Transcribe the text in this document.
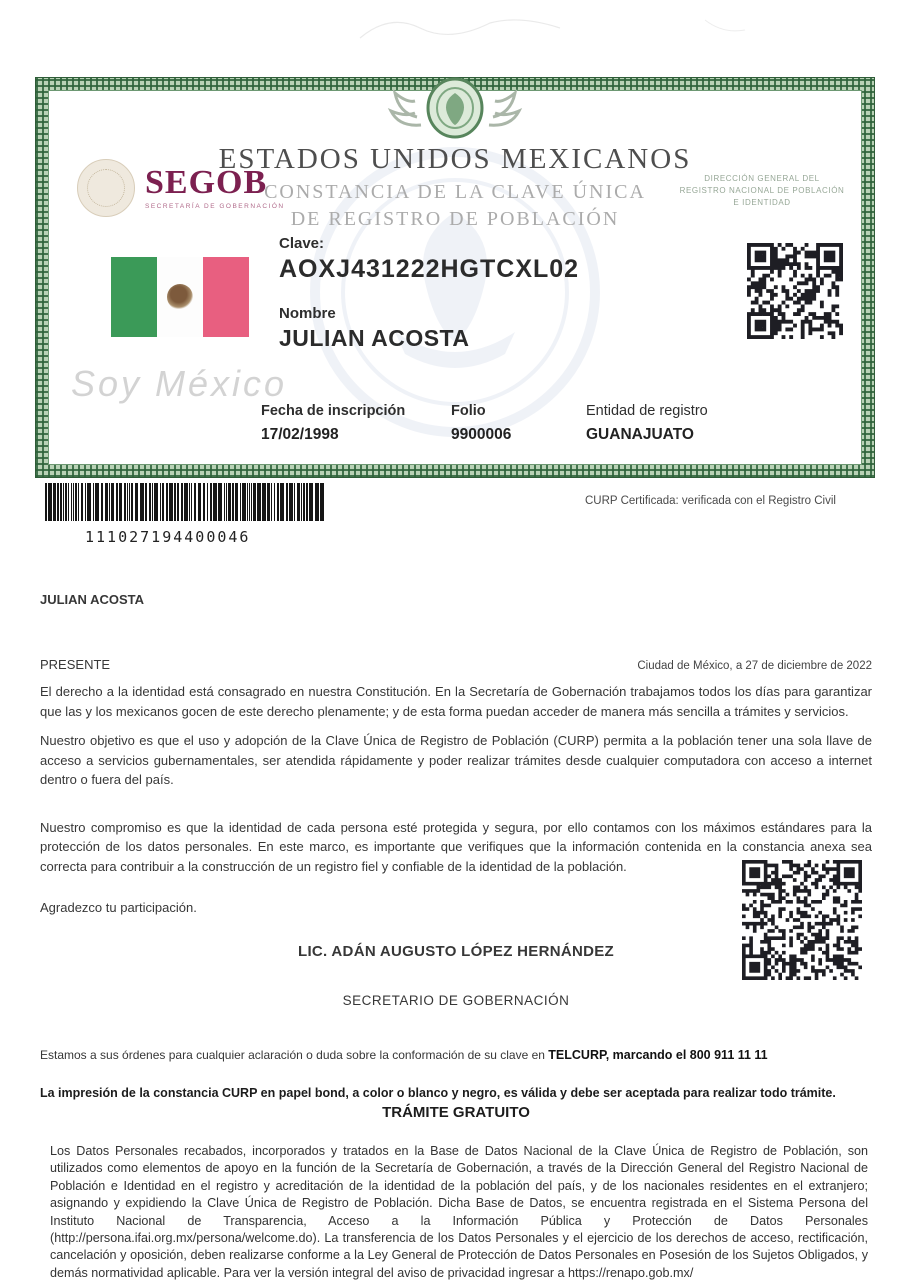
SEGOB
SECRETARÍA DE GOBERNACIÓN
ESTADOS UNIDOS MEXICANOS
CONSTANCIA DE LA CLAVE ÚNICA
DE REGISTRO DE POBLACIÓN
DIRECCIÓN GENERAL DEL
REGISTRO NACIONAL DE POBLACIÓN
E IDENTIDAD
Clave:
AOXJ431222HGTCXL02
Nombre
JULIAN ACOSTA
Soy México
Fecha de inscripción
17/02/1998
Folio
9900006
Entidad de registro
GUANAJUATO
111027194400046
CURP Certificada: verificada con el Registro Civil
JULIAN ACOSTA
PRESENTE	Ciudad de México, a 27 de diciembre de 2022
El derecho a la identidad está consagrado en nuestra Constitución. En la Secretaría de Gobernación trabajamos todos los días para garantizar que las y los mexicanos gocen de este derecho plenamente; y de esta forma puedan acceder de manera más sencilla a trámites y servicios.
Nuestro objetivo es que el uso y adopción de la Clave Única de Registro de Población (CURP) permita a la población tener una sola llave de acceso a servicios gubernamentales, ser atendida rápidamente y poder realizar trámites desde cualquier computadora con acceso a internet dentro o fuera del país.
Nuestro compromiso es que la identidad de cada persona esté protegida y segura, por ello contamos con los máximos estándares para la protección de los datos personales. En este marco, es importante que verifiques que la información contenida en la constancia anexa sea correcta para contribuir a la construcción de un registro fiel y confiable de la identidad de la población.
Agradezco tu participación.
LIC. ADÁN AUGUSTO LÓPEZ HERNÁNDEZ
SECRETARIO DE GOBERNACIÓN
Estamos a sus órdenes para cualquier aclaración o duda sobre la conformación de su clave en TELCURP, marcando el 800 911 11 11
La impresión de la constancia CURP en papel bond, a color o blanco y negro, es válida y debe ser aceptada para realizar todo trámite.
TRÁMITE GRATUITO
Los Datos Personales recabados, incorporados y tratados en la Base de Datos Nacional de la Clave Única de Registro de Población, son utilizados como elementos de apoyo en la función de la Secretaría de Gobernación, a través de la Dirección General del Registro Nacional de Población e Identidad en el registro y acreditación de la identidad de la población del país, y de los nacionales residentes en el extranjero; asignando y expidiendo la Clave Única de Registro de Población. Dicha Base de Datos, se encuentra registrada en el Sistema Persona del Instituto Nacional de Transparencia, Acceso a la Información Pública y Protección de Datos Personales (http://persona.ifai.org.mx/persona/welcome.do). La transferencia de los Datos Personales y el ejercicio de los derechos de acceso, rectificación, cancelación y oposición, deben realizarse conforme a la Ley General de Protección de Datos Personales en Posesión de los Sujetos Obligados, y demás normatividad aplicable. Para ver la versión integral del aviso de privacidad ingresar a https://renapo.gob.mx/
